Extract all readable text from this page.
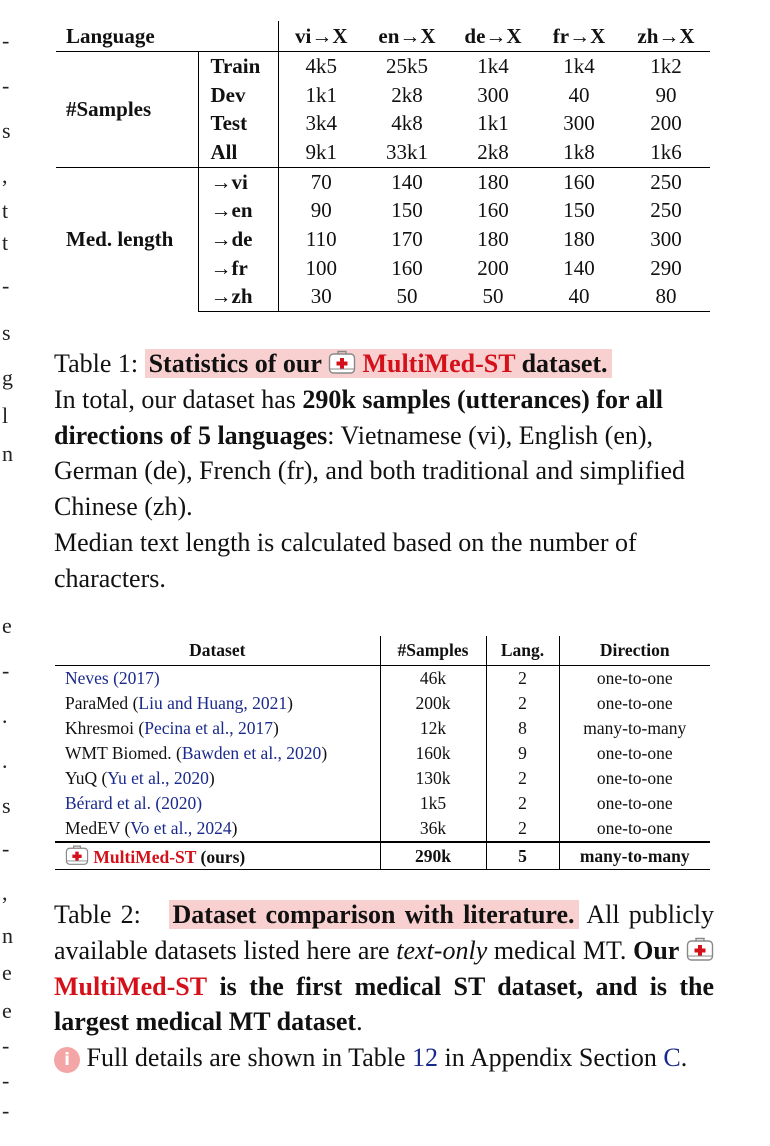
-
-
s
,
t
t
-
s
g
l
n
e
-
.
.
s
-
,
n
e
e
-
-
-
Language		vi→X	en→X	de→X	fr→X	zh→X
#Samples	Train	4k5	25k5	1k4	1k4	1k2
	Dev	1k1	2k8	300	40	90
	Test	3k4	4k8	1k1	300	200
	All	9k1	33k1	2k8	1k8	1k6
Med. length	→vi	70	140	180	160	250
	→en	90	150	160	150	250
	→de	110	170	180	180	300
	→fr	100	160	200	140	290
	→zh	30	50	50	40	80
Table 1: Statistics of our MultiMed-ST dataset.
In total, our dataset has 290k samples (utterances) for all directions of 5 languages: Vietnamese (vi), English (en), German (de), French (fr), and both traditional and simplified Chinese (zh).
Median text length is calculated based on the number of characters.
Dataset	#Samples	Lang.	Direction
Neves (2017)	46k	2	one-to-one
ParaMed (Liu and Huang, 2021)	200k	2	one-to-one
Khresmoi (Pecina et al., 2017)	12k	8	many-to-many
WMT Biomed. (Bawden et al., 2020)	160k	9	one-to-one
YuQ (Yu et al., 2020)	130k	2	one-to-one
Bérard et al. (2020)	1k5	2	one-to-one
MedEV (Vo et al., 2024)	36k	2	one-to-one
MultiMed-ST (ours)	290k	5	many-to-many
Table 2: Dataset comparison with literature. All publicly available datasets listed here are text-only medical MT. Our  MultiMed-ST is the first medical ST dataset, and is the largest medical MT dataset.
i Full details are shown in Table 12 in Appendix Section C.
